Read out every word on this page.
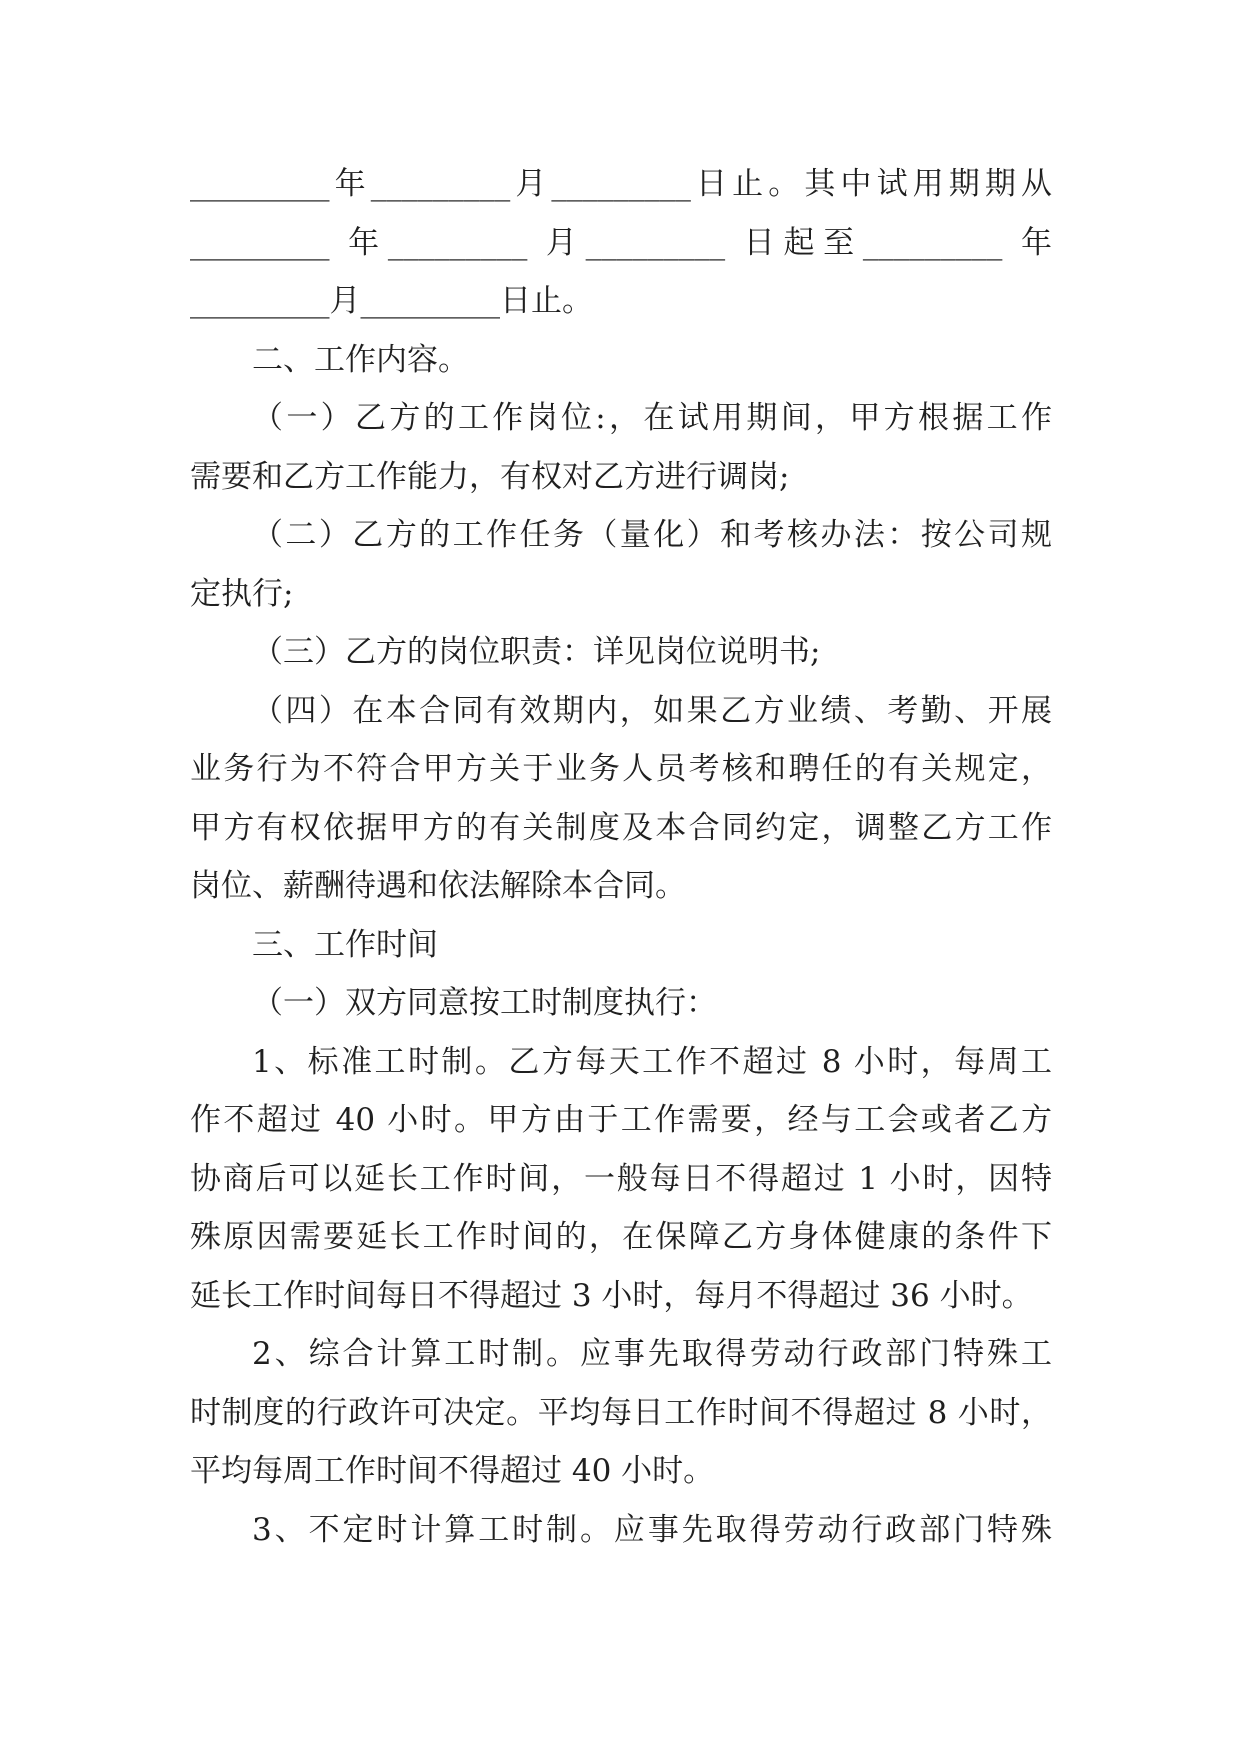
_________年_________月_________日止。其中试用期期从
_________ 年_________ 月_________ 日起至_________ 年
_________月_________日止。
二、工作内容。
（一）乙方的工作岗位:，在试用期间，甲方根据工作
需要和乙方工作能力，有权对乙方进行调岗;
（二）乙方的工作任务（量化）和考核办法：按公司规
定执行;
（三）乙方的岗位职责：详见岗位说明书;
（四）在本合同有效期内，如果乙方业绩、考勤、开展
业务行为不符合甲方关于业务人员考核和聘任的有关规定，
甲方有权依据甲方的有关制度及本合同约定，调整乙方工作
岗位、薪酬待遇和依法解除本合同。
三、工作时间
（一）双方同意按工时制度执行：
1、标准工时制。乙方每天工作不超过 8 小时，每周工
作不超过 40 小时。甲方由于工作需要，经与工会或者乙方
协商后可以延长工作时间，一般每日不得超过 1 小时，因特
殊原因需要延长工作时间的，在保障乙方身体健康的条件下
延长工作时间每日不得超过 3 小时，每月不得超过 36 小时。
2、综合计算工时制。应事先取得劳动行政部门特殊工
时制度的行政许可决定。平均每日工作时间不得超过 8 小时，
平均每周工作时间不得超过 40 小时。
3、不定时计算工时制。应事先取得劳动行政部门特殊
